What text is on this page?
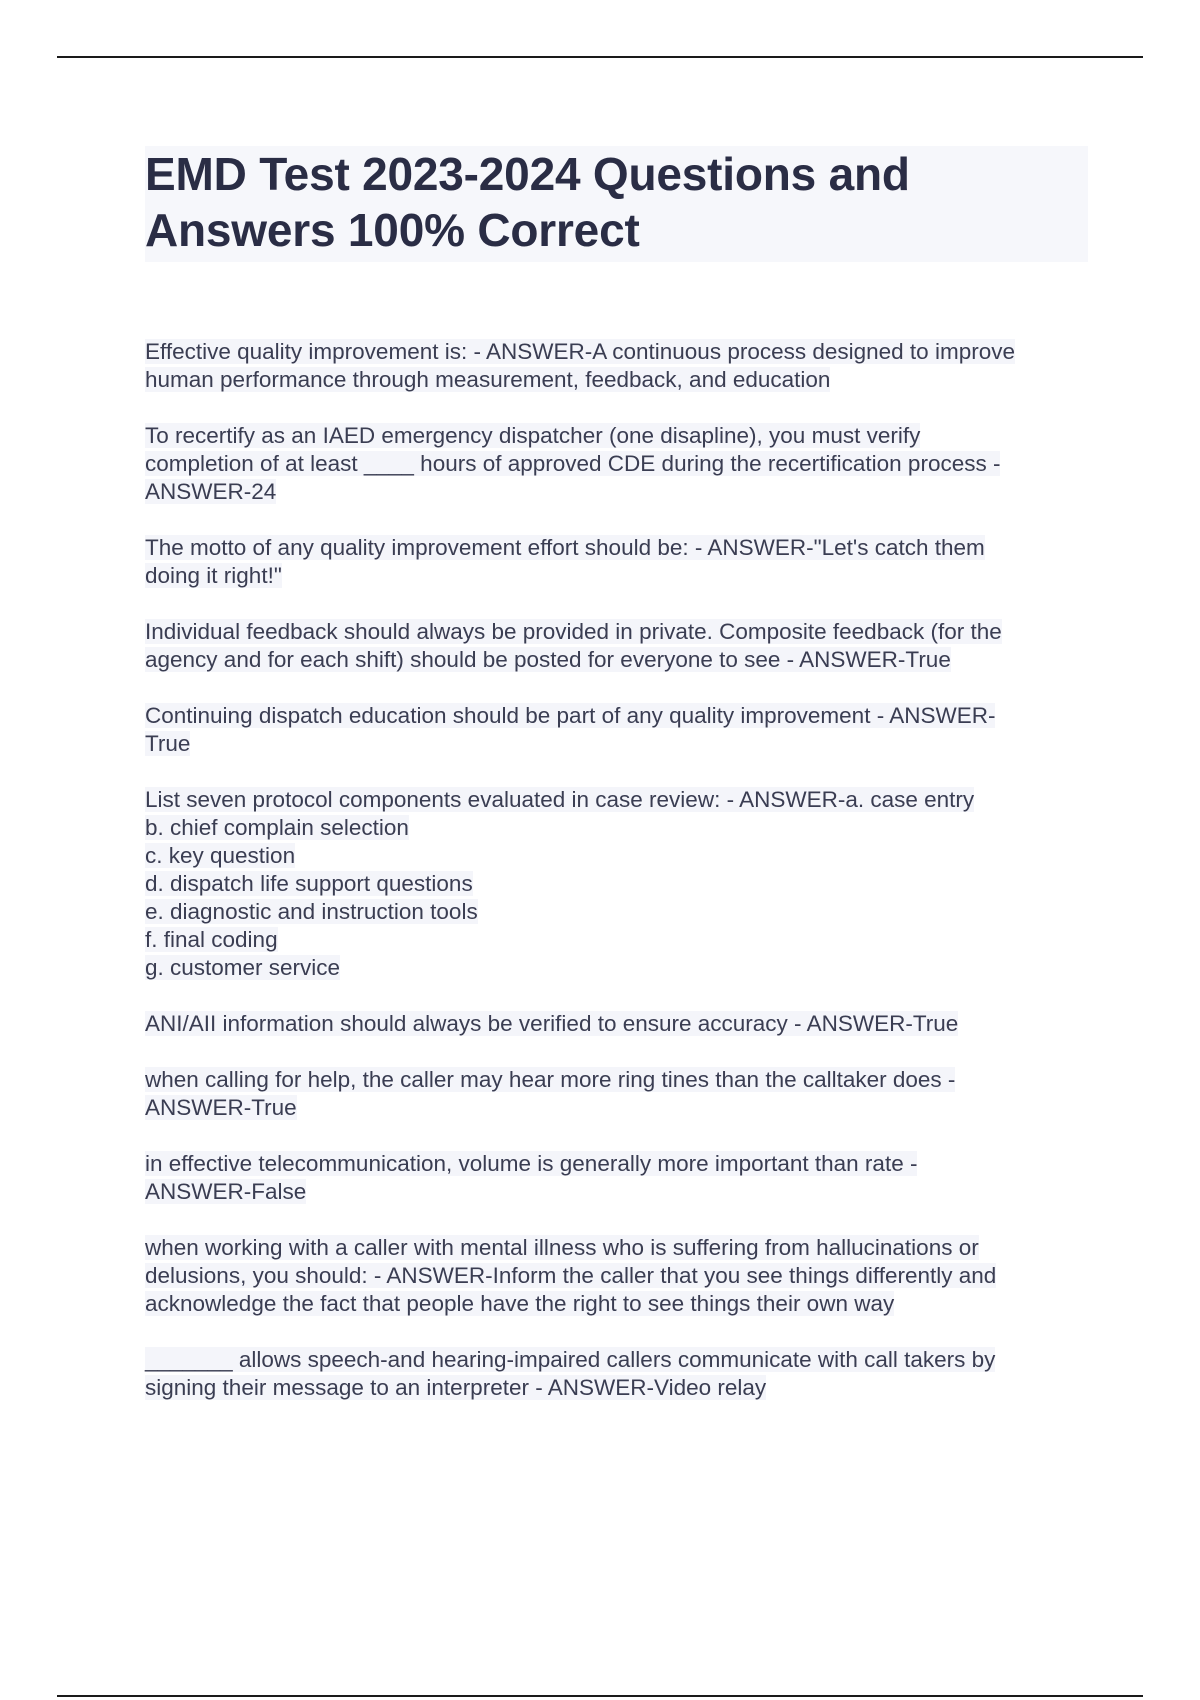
EMD Test 2023-2024 Questions and
Answers 100% Correct
Effective quality improvement is: - ANSWER-A continuous process designed to improve
human performance through measurement, feedback, and education
To recertify as an IAED emergency dispatcher (one disapline), you must verify
completion of at least ____ hours of approved CDE during the recertification process -
ANSWER-24
The motto of any quality improvement effort should be: - ANSWER-"Let's catch them
doing it right!"
Individual feedback should always be provided in private. Composite feedback (for the
agency and for each shift) should be posted for everyone to see - ANSWER-True
Continuing dispatch education should be part of any quality improvement - ANSWER-
True
List seven protocol components evaluated in case review: - ANSWER-a. case entry
b. chief complain selection
c. key question
d. dispatch life support questions
e. diagnostic and instruction tools
f. final coding
g. customer service
ANI/AII information should always be verified to ensure accuracy - ANSWER-True
when calling for help, the caller may hear more ring tines than the calltaker does -
ANSWER-True
in effective telecommunication, volume is generally more important than rate -
ANSWER-False
when working with a caller with mental illness who is suffering from hallucinations or
delusions, you should: - ANSWER-Inform the caller that you see things differently and
acknowledge the fact that people have the right to see things their own way
_______ allows speech-and hearing-impaired callers communicate with call takers by
signing their message to an interpreter - ANSWER-Video relay
